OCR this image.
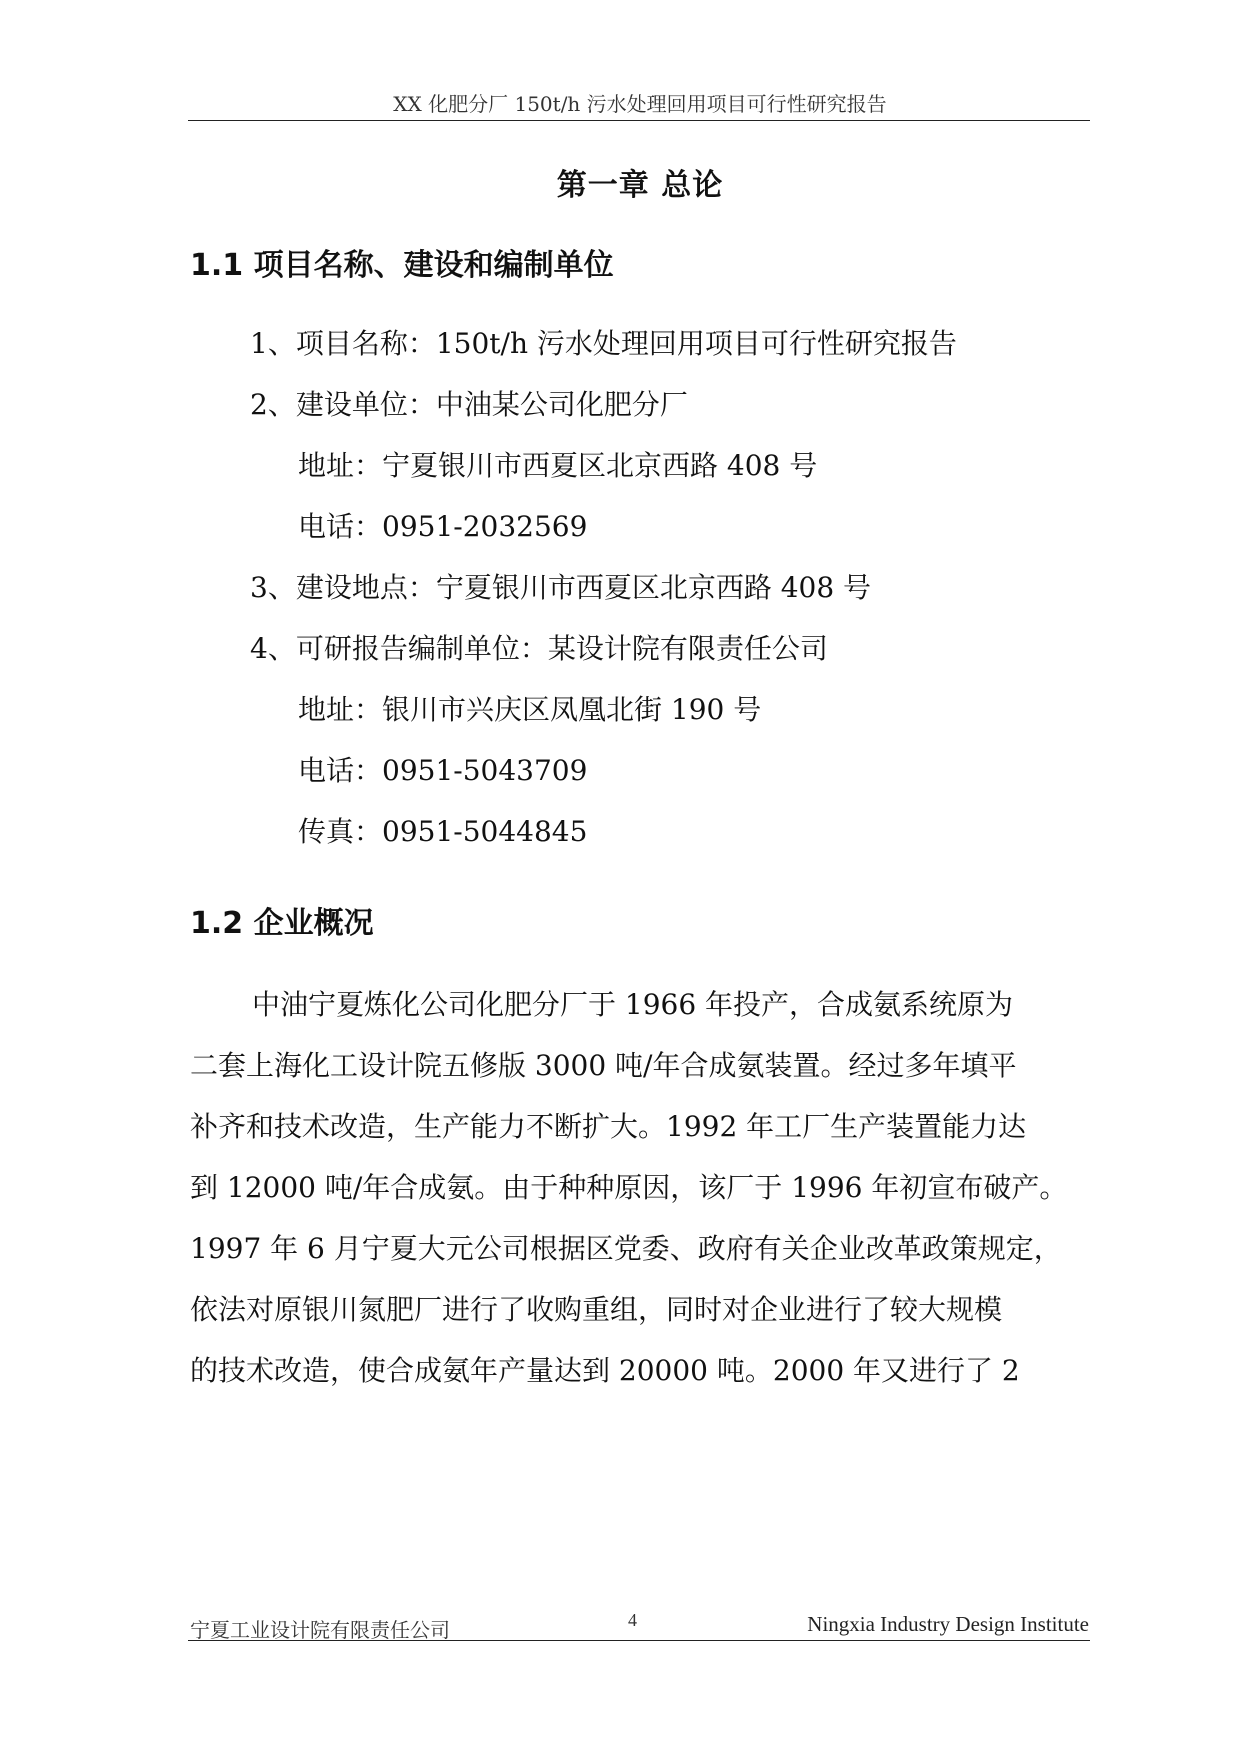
XX 化肥分厂 150t/h 污水处理回用项目可行性研究报告
第一章 总论
1.1 项目名称、建设和编制单位
1、项目名称：150t/h 污水处理回用项目可行性研究报告
2、建设单位：中油某公司化肥分厂
地址：宁夏银川市西夏区北京西路 408 号
电话：0951-2032569
3、建设地点：宁夏银川市西夏区北京西路 408 号
4、可研报告编制单位：某设计院有限责任公司
地址：银川市兴庆区凤凰北街 190 号
电话：0951-5043709
传真：0951-5044845
1.2 企业概况
中油宁夏炼化公司化肥分厂于 1966 年投产，合成氨系统原为
二套上海化工设计院五修版 3000 吨/年合成氨装置。经过多年填平
补齐和技术改造，生产能力不断扩大。1992 年工厂生产装置能力达
到 12000 吨/年合成氨。由于种种原因，该厂于 1996 年初宣布破产。
1997 年 6 月宁夏大元公司根据区党委、政府有关企业改革政策规定，
依法对原银川氮肥厂进行了收购重组，同时对企业进行了较大规模
的技术改造，使合成氨年产量达到 20000 吨。2000 年又进行了 2
宁夏工业设计院有限责任公司	4	Ningxia Industry Design Institute
